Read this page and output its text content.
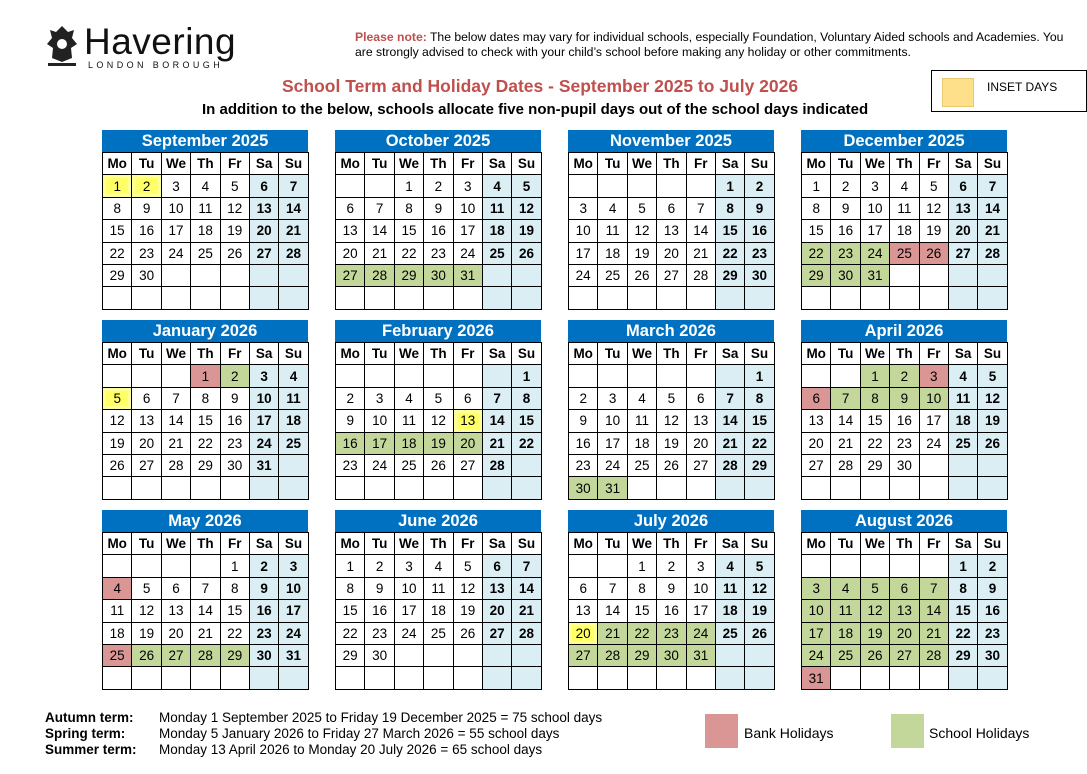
Havering
LONDON BOROUGH
Please note: The below dates may vary for individual schools, especially Foundation, Voluntary Aided schools and Academies. You are strongly advised to check with your child’s school before making any holiday or other commitments.
School Term and Holiday Dates - September 2025 to July 2026
In addition to the below, schools allocate five non-pupil days out of the school days indicated
INSET DAYS
September 2025
Mo	Tu	We	Th	Fr	Sa	Su
1	2	3	4	5	6	7
8	9	10	11	12	13	14
15	16	17	18	19	20	21
22	23	24	25	26	27	28
29	30					

October 2025
Mo	Tu	We	Th	Fr	Sa	Su
		1	2	3	4	5
6	7	8	9	10	11	12
13	14	15	16	17	18	19
20	21	22	23	24	25	26
27	28	29	30	31		

November 2025
Mo	Tu	We	Th	Fr	Sa	Su
					1	2
3	4	5	6	7	8	9
10	11	12	13	14	15	16
17	18	19	20	21	22	23
24	25	26	27	28	29	30

December 2025
Mo	Tu	We	Th	Fr	Sa	Su
1	2	3	4	5	6	7
8	9	10	11	12	13	14
15	16	17	18	19	20	21
22	23	24	25	26	27	28
29	30	31				

January 2026
Mo	Tu	We	Th	Fr	Sa	Su
			1	2	3	4
5	6	7	8	9	10	11
12	13	14	15	16	17	18
19	20	21	22	23	24	25
26	27	28	29	30	31	

February 2026
Mo	Tu	We	Th	Fr	Sa	Su
						1
2	3	4	5	6	7	8
9	10	11	12	13	14	15
16	17	18	19	20	21	22
23	24	25	26	27	28	

March 2026
Mo	Tu	We	Th	Fr	Sa	Su
						1
2	3	4	5	6	7	8
9	10	11	12	13	14	15
16	17	18	19	20	21	22
23	24	25	26	27	28	29
30	31					
April 2026
Mo	Tu	We	Th	Fr	Sa	Su
		1	2	3	4	5
6	7	8	9	10	11	12
13	14	15	16	17	18	19
20	21	22	23	24	25	26
27	28	29	30			

May 2026
Mo	Tu	We	Th	Fr	Sa	Su
				1	2	3
4	5	6	7	8	9	10
11	12	13	14	15	16	17
18	19	20	21	22	23	24
25	26	27	28	29	30	31

June 2026
Mo	Tu	We	Th	Fr	Sa	Su
1	2	3	4	5	6	7
8	9	10	11	12	13	14
15	16	17	18	19	20	21
22	23	24	25	26	27	28
29	30					

July 2026
Mo	Tu	We	Th	Fr	Sa	Su
		1	2	3	4	5
6	7	8	9	10	11	12
13	14	15	16	17	18	19
20	21	22	23	24	25	26
27	28	29	30	31		

August 2026
Mo	Tu	We	Th	Fr	Sa	Su
					1	2
3	4	5	6	7	8	9
10	11	12	13	14	15	16
17	18	19	20	21	22	23
24	25	26	27	28	29	30
31						
Autumn term: Monday 1 September 2025 to Friday 19 December 2025 = 75 school days
Spring term: Monday 5 January 2026 to Friday 27 March 2026 = 55 school days
Summer term: Monday 13 April 2026 to Monday 20 July 2026 = 65 school days
Bank Holidays	School Holidays
